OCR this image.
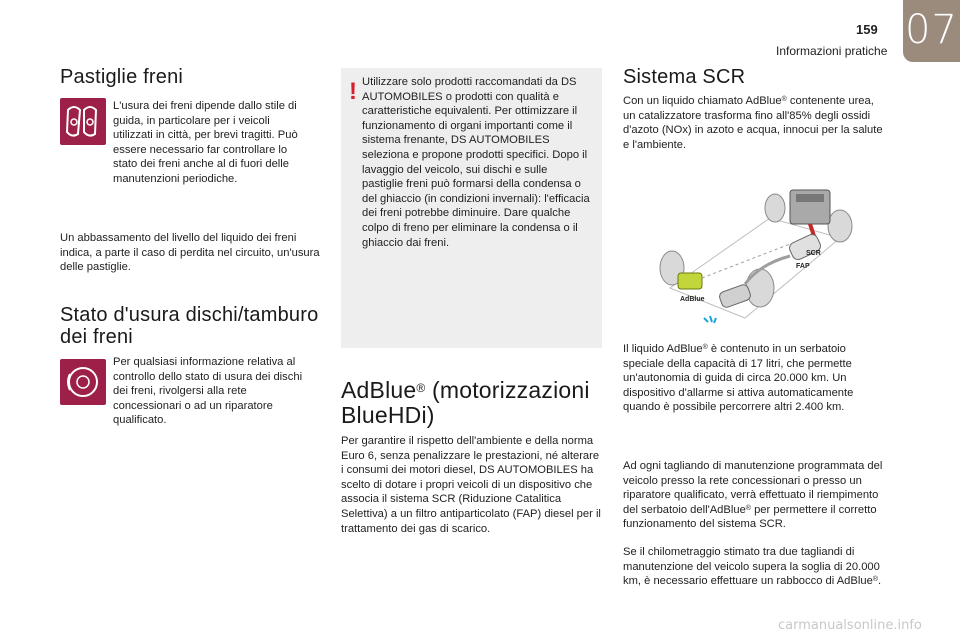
159
Informazioni pratiche 07
Pastiglie freni
L'usura dei freni dipende dallo stile di guida, in particolare per i veicoli utilizzati in città, per brevi tragitti. Può essere necessario far controllare lo stato dei freni anche al di fuori delle manutenzioni periodiche.
Un abbassamento del livello del liquido dei freni indica, a parte il caso di perdita nel circuito, un'usura delle pastiglie.
Stato d'usura dischi/tamburo
dei freni
Per qualsiasi informazione relativa al controllo dello stato di usura dei dischi dei freni, rivolgersi alla rete concessionari o ad un riparatore qualificato.
! Utilizzare solo prodotti raccomandati da DS AUTOMOBILES o prodotti con qualità e caratteristiche equivalenti. Per ottimizzare il funzionamento di organi importanti come il sistema frenante, DS AUTOMOBILES seleziona e propone prodotti specifici. Dopo il lavaggio del veicolo, sui dischi e sulle pastiglie freni può formarsi della condensa o del ghiaccio (in condizioni invernali): l'efficacia dei freni potrebbe diminuire. Dare qualche colpo di freno per eliminare la condensa o il ghiaccio dai freni.
AdBlue® (motorizzazioni
BlueHDi)
Per garantire il rispetto dell'ambiente e della norma Euro 6, senza penalizzare le prestazioni, né alterare i consumi dei motori diesel, DS AUTOMOBILES ha scelto di dotare i propri veicoli di un dispositivo che associa il sistema SCR (Riduzione Catalitica Selettiva) a un filtro antiparticolato (FAP) diesel per il trattamento dei gas di scarico.
Sistema SCR
Con un liquido chiamato AdBlue® contenente urea, un catalizzatore trasforma fino all'85% degli ossidi d'azoto (NOx) in azoto e acqua, innocui per la salute e l'ambiente.
SCR
FAP
AdBlue
Il liquido AdBlue® è contenuto in un serbatoio speciale della capacità di 17 litri, che permette un'autonomia di guida di circa 20.000 km. Un dispositivo d'allarme si attiva automaticamente quando è possibile percorrere altri 2.400 km.
Ad ogni tagliando di manutenzione programmata del veicolo presso la rete concessionari o presso un riparatore qualificato, verrà effettuato il riempimento del serbatoio dell'AdBlue® per permettere il corretto funzionamento del sistema SCR.
Se il chilometraggio stimato tra due tagliandi di manutenzione del veicolo supera la soglia di 20.000 km, è necessario effettuare un rabbocco di AdBlue®.
carmanualsonline.info
